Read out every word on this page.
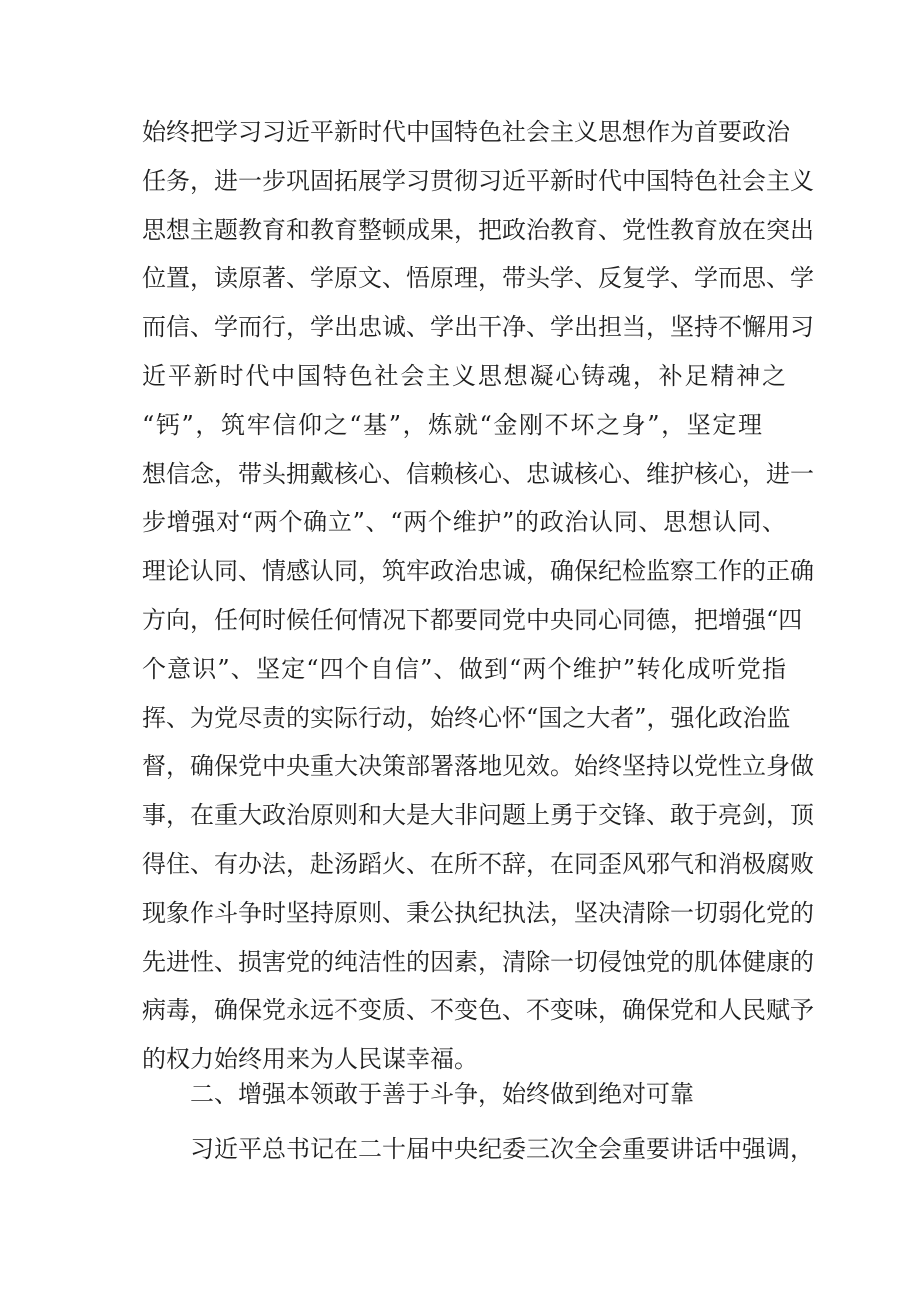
始终把学习习近平新时代中国特色社会主义思想作为首要政治
任务，进一步巩固拓展学习贯彻习近平新时代中国特色社会主义
思想主题教育和教育整顿成果，把政治教育、党性教育放在突出
位置，读原著、学原文、悟原理，带头学、反复学、学而思、学
而信、学而行，学出忠诚、学出干净、学出担当，坚持不懈用习
近平新时代中国特色社会主义思想凝心铸魂，补足精神之
“钙”，筑牢信仰之“基”，炼就“金刚不坏之身”，坚定理
想信念，带头拥戴核心、信赖核心、忠诚核心、维护核心，进一
步增强对“两个确立”、“两个维护”的政治认同、思想认同、
理论认同、情感认同，筑牢政治忠诚，确保纪检监察工作的正确
方向，任何时候任何情况下都要同党中央同心同德，把增强“四
个意识”、坚定“四个自信”、做到“两个维护”转化成听党指
挥、为党尽责的实际行动，始终心怀“国之大者”，强化政治监
督，确保党中央重大决策部署落地见效。始终坚持以党性立身做
事，在重大政治原则和大是大非问题上勇于交锋、敢于亮剑，顶
得住、有办法，赴汤蹈火、在所不辞，在同歪风邪气和消极腐败
现象作斗争时坚持原则、秉公执纪执法，坚决清除一切弱化党的
先进性、损害党的纯洁性的因素，清除一切侵蚀党的肌体健康的
病毒，确保党永远不变质、不变色、不变味，确保党和人民赋予
的权力始终用来为人民谋幸福。
二、增强本领敢于善于斗争，始终做到绝对可靠
习近平总书记在二十届中央纪委三次全会重要讲话中强调，
